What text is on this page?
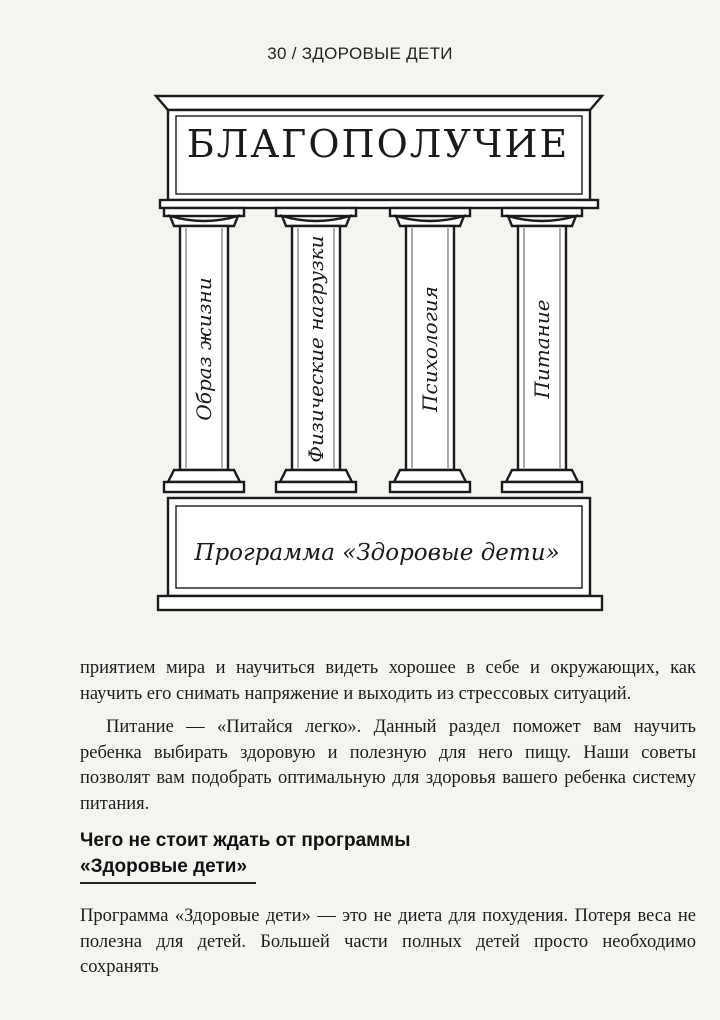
30 / ЗДОРОВЫЕ ДЕТИ
БЛАГОПОЛУЧИЕ
Образ жизни	Физические нагрузки	Психология	Питание
Программа «Здоровые дети»

приятием мира и научиться видеть хорошее в себе и окружающих, как научить его снимать напряжение и выходить из стрессовых ситуаций.

Питание — «Питайся легко». Данный раздел поможет вам научить ребенка выбирать здоровую и полезную для него пищу. Наши советы позволят вам подобрать оптимальную для здоровья вашего ребенка систему питания.

Чего не стоит ждать от программы
«Здоровые дети»

Программа «Здоровые дети» — это не диета для похудения. Потеря веса не полезна для детей. Большей части полных детей просто необходимо сохранять
